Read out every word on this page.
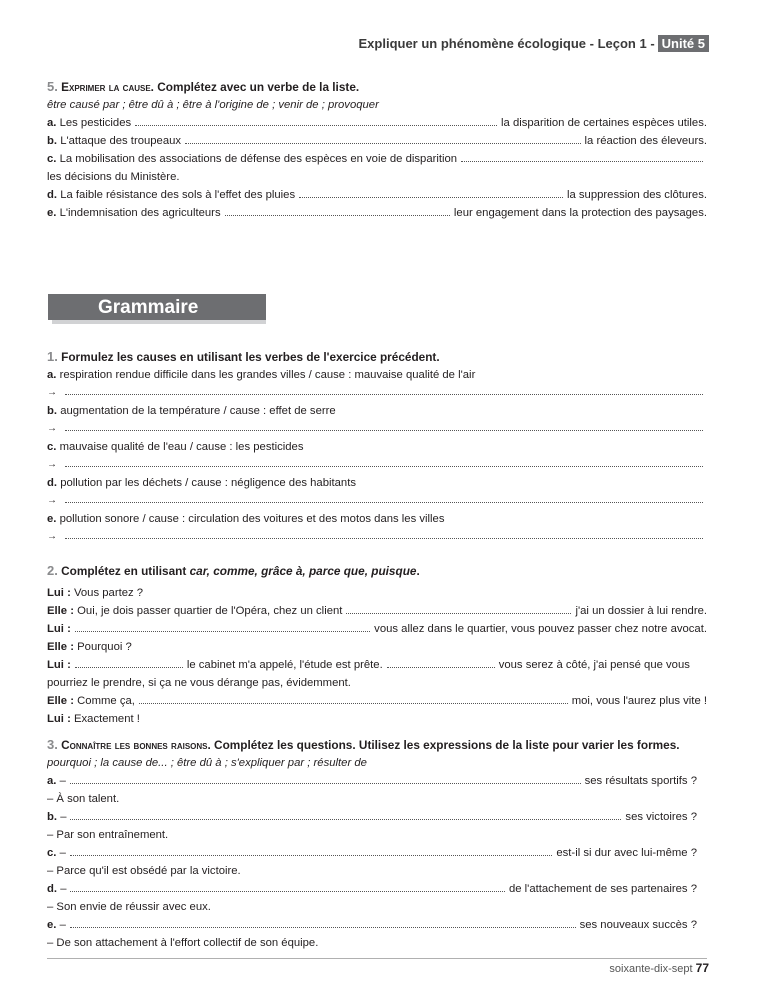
Expliquer un phénomène écologique - Leçon 1 - Unité 5
5. Exprimer la cause. Complétez avec un verbe de la liste.
être causé par ; être dû à ; être à l'origine de ; venir de ; provoquer
a.
Les pesticides	la disparition de certaines espèces utiles.
b.
L'attaque des troupeaux	la réaction des éleveurs.
c.
La mobilisation des associations de défense des espèces en voie de disparition
les décisions du Ministère.
d.
La faible résistance des sols à l'effet des pluies	la suppression des clôtures.
e.
L'indemnisation des agriculteurs	leur engagement dans la protection des paysages.
Grammaire
1. Formulez les causes en utilisant les verbes de l'exercice précédent.
a. respiration rendue difficile dans les grandes villes / cause : mauvaise qualité de l'air
→
b. augmentation de la température / cause : effet de serre
→
c. mauvaise qualité de l'eau / cause : les pesticides
→
d. pollution par les déchets / cause : négligence des habitants
→
e. pollution sonore / cause : circulation des voitures et des motos dans les villes
→
2. Complétez en utilisant car, comme, grâce à, parce que, puisque.
Lui : Vous partez ?
Elle :
Oui, je dois passer quartier de l'Opéra, chez un client	j'ai un dossier à lui rendre.
Lui :	vous allez dans le quartier, vous pouvez passer chez notre avocat.
Elle : Pourquoi ?
Lui :	le cabinet m'a appelé, l'étude est prête.	vous serez à côté, j'ai pensé que vous
pourriez le prendre, si ça ne vous dérange pas, évidemment.
Elle :
Comme ça,	moi, vous l'aurez plus vite !
Lui : Exactement !
3. Connaître les bonnes raisons. Complétez les questions. Utilisez les expressions de la liste pour varier les formes.
pourquoi ; la cause de... ; être dû à ; s'expliquer par ; résulter de
a.
–	ses résultats sportifs ?
– À son talent.
b.
–	ses victoires ?
– Par son entraînement.
c.
–	est-il si dur avec lui-même ?
– Parce qu'il est obsédé par la victoire.
d.
–	de l'attachement de ses partenaires ?
– Son envie de réussir avec eux.
e.
–	ses nouveaux succès ?
– De son attachement à l'effort collectif de son équipe.
soixante-dix-sept 77
